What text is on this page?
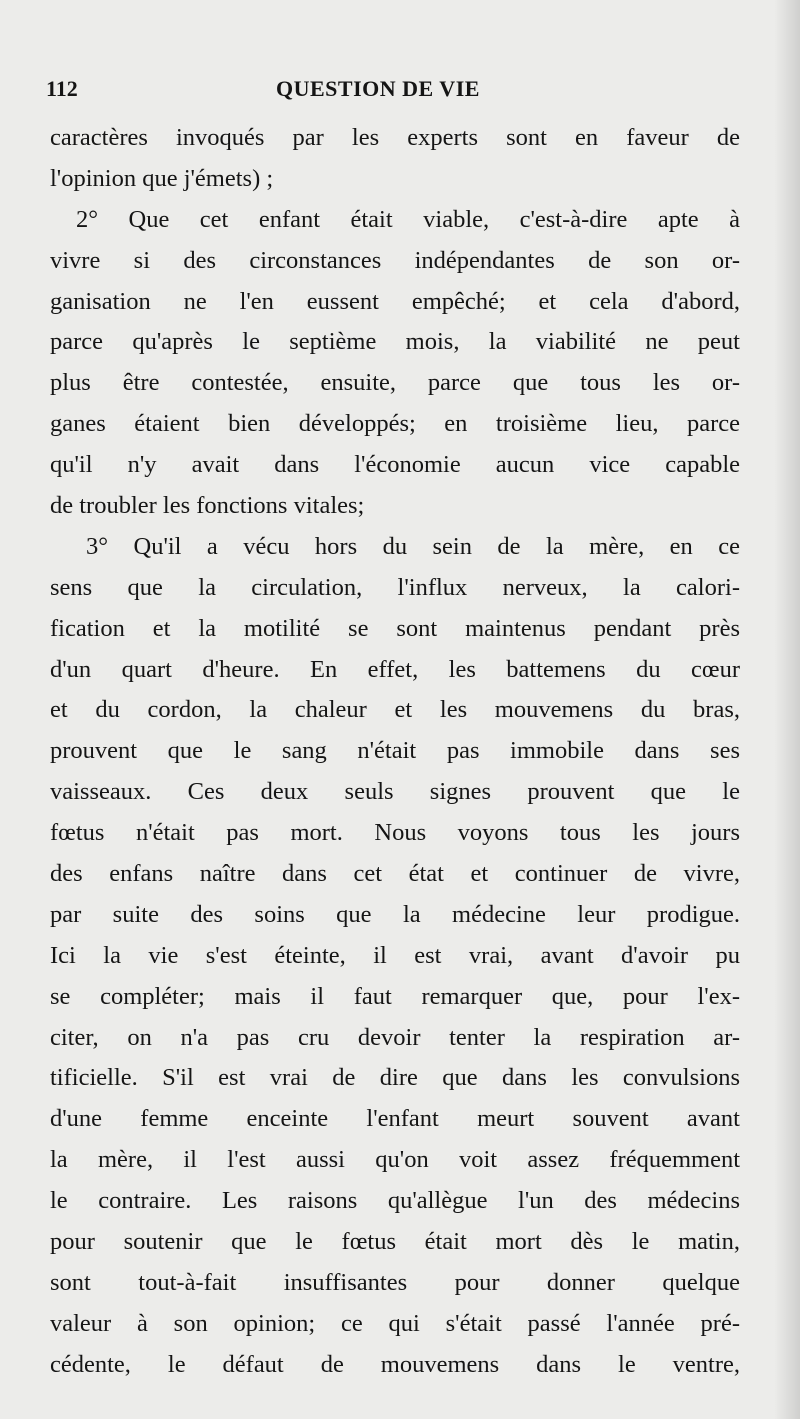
112	QUESTION DE VIE
caractères invoqués par les experts sont en faveur de
l'opinion que j'émets) ;
2° Que cet enfant était viable, c'est-à-dire apte à
vivre si des circonstances indépendantes de son or-
ganisation ne l'en eussent empêché; et cela d'abord,
parce qu'après le septième mois, la viabilité ne peut
plus être contestée, ensuite, parce que tous les or-
ganes étaient bien développés; en troisième lieu, parce
qu'il n'y avait dans l'économie aucun vice capable
de troubler les fonctions vitales;
3° Qu'il a vécu hors du sein de la mère, en ce
sens que la circulation, l'influx nerveux, la calori-
fication et la motilité se sont maintenus pendant près
d'un quart d'heure. En effet, les battemens du cœur
et du cordon, la chaleur et les mouvemens du bras,
prouvent que le sang n'était pas immobile dans ses
vaisseaux. Ces deux seuls signes prouvent que le
fœtus n'était pas mort. Nous voyons tous les jours
des enfans naître dans cet état et continuer de vivre,
par suite des soins que la médecine leur prodigue.
Ici la vie s'est éteinte, il est vrai, avant d'avoir pu
se compléter; mais il faut remarquer que, pour l'ex-
citer, on n'a pas cru devoir tenter la respiration ar-
tificielle. S'il est vrai de dire que dans les convulsions
d'une femme enceinte l'enfant meurt souvent avant
la mère, il l'est aussi qu'on voit assez fréquemment
le contraire. Les raisons qu'allègue l'un des médecins
pour soutenir que le fœtus était mort dès le matin,
sont tout-à-fait insuffisantes pour donner quelque
valeur à son opinion; ce qui s'était passé l'année pré-
cédente, le défaut de mouvemens dans le ventre,
